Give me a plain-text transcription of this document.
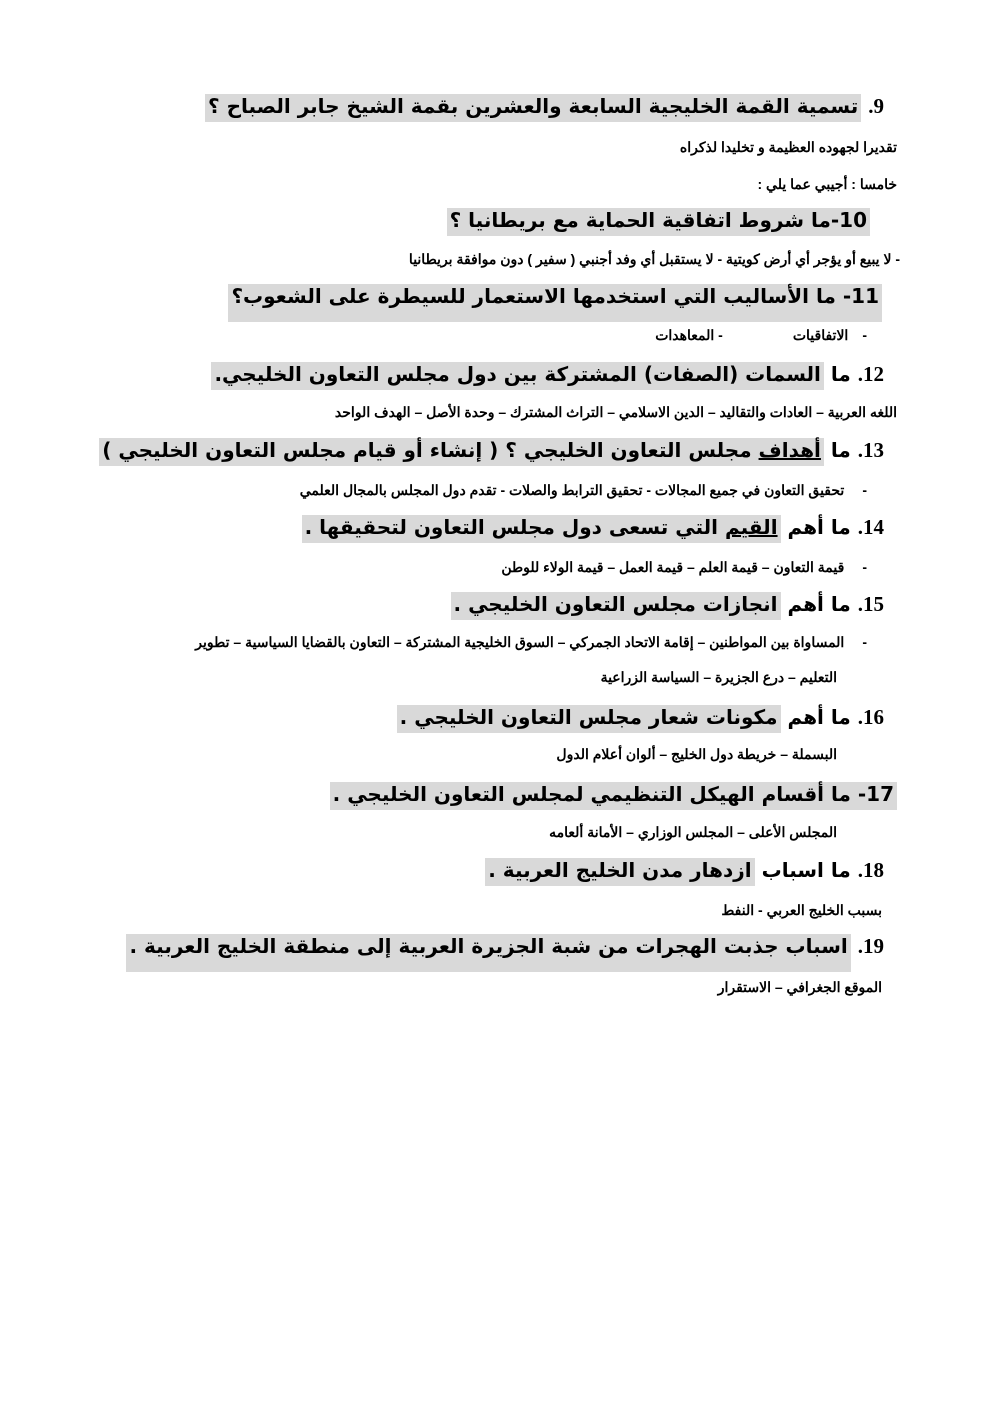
9. تسمية القمة الخليجية السابعة والعشرين بقمة الشيخ جابر الصباح ؟
تقديرا لجهوده العظيمة و تخليدا لذكراه
خامسا : أجيبي عما يلي :
10-ما شروط اتفاقية الحماية مع بريطانيا ؟
- لا يبيع أو يؤجر أي أرض كويتية - لا يستقبل أي وفد أجنبي ( سفير ) دون موافقة بريطانيا
11- ما الأساليب التي استخدمها الاستعمار للسيطرة على الشعوب؟
-الاتفاقيات- المعاهدات
12. ما السمات (الصفات) المشتركة بين دول مجلس التعاون الخليجي.
اللغه العربية – العادات والتقاليد – الدين الاسلامي – التراث المشترك – وحدة الأصل – الهدف الواحد
13. ما أهداف مجلس التعاون الخليجي ؟ ( إنشاء أو قيام مجلس التعاون الخليجي )
-تحقيق التعاون في جميع المجالات - تحقيق الترابط والصلات - تقدم دول المجلس بالمجال العلمي
14. ما أهم القيم التي تسعى دول مجلس التعاون لتحقيقها .
-قيمة التعاون – قيمة العلم – قيمة العمل – قيمة الولاء للوطن
15. ما أهم انجازات مجلس التعاون الخليجي .
-المساواة بين المواطنين – إقامة الاتحاد الجمركي – السوق الخليجية المشتركة – التعاون بالقضايا السياسية – تطوير
التعليم – درع الجزيرة – السياسة الزراعية
16. ما أهم مكونات شعار مجلس التعاون الخليجي .
البسملة – خريطة دول الخليج – ألوان أعلام الدول
17- ما أقسام الهيكل التنظيمي لمجلس التعاون الخليجي .
المجلس الأعلى – المجلس الوزاري – الأمانة ألعامه
18. ما اسباب ازدهار مدن الخليج العربية .
بسبب الخليج العربي - النفط
19. اسباب جذبت الهجرات من شبة الجزيرة العربية إلى منطقة الخليج العربية .
الموقع الجغرافي – الاستقرار
